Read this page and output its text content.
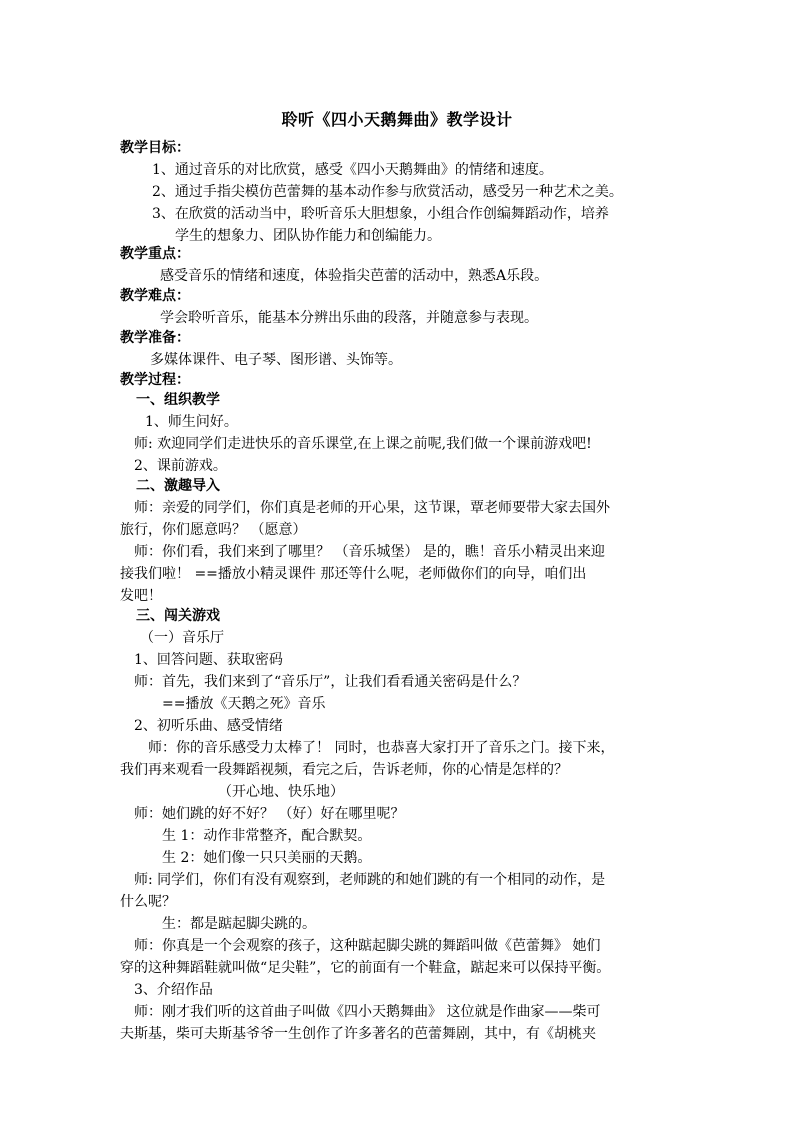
聆听《四小天鹅舞曲》教学设计
教学目标：
1、通过音乐的对比欣赏，感受《四小天鹅舞曲》的情绪和速度。
2、通过手指尖模仿芭蕾舞的基本动作参与欣赏活动，感受另一种艺术之美。
3、在欣赏的活动当中，聆听音乐大胆想象，小组合作创编舞蹈动作，培养
学生的想象力、团队协作能力和创编能力。
教学重点：
感受音乐的情绪和速度，体验指尖芭蕾的活动中，熟悉A乐段。
教学难点：
学会聆听音乐，能基本分辨出乐曲的段落，并随意参与表现。
教学准备：
多媒体课件、电子琴、图形谱、头饰等。
教学过程：
一、组织教学
1、师生问好。
师: 欢迎同学们走进快乐的音乐课堂,在上课之前呢,我们做一个课前游戏吧!
2、课前游戏。
二、激趣导入
师：亲爱的同学们，你们真是老师的开心果，这节课，覃老师要带大家去国外
旅行，你们愿意吗？ （愿意）
师：你们看，我们来到了哪里？ （音乐城堡） 是的，瞧！音乐小精灵出来迎
接我们啦！ ==播放小精灵课件 那还等什么呢，老师做你们的向导，咱们出
发吧！
三、闯关游戏
（一）音乐厅
1、回答问题、获取密码
师：首先，我们来到了“音乐厅”，让我们看看通关密码是什么？
==播放《天鹅之死》音乐
2、初听乐曲、感受情绪
师：你的音乐感受力太棒了！ 同时，也恭喜大家打开了音乐之门。接下来，
我们再来观看一段舞蹈视频，看完之后，告诉老师，你的心情是怎样的？
（开心地、快乐地）
师：她们跳的好不好？ （好）好在哪里呢？
生 1：动作非常整齐，配合默契。
生 2：她们像一只只美丽的天鹅。
师: 同学们，你们有没有观察到，老师跳的和她们跳的有一个相同的动作，是
什么呢？
生：都是踮起脚尖跳的。
师：你真是一个会观察的孩子，这种踮起脚尖跳的舞蹈叫做《芭蕾舞》 她们
穿的这种舞蹈鞋就叫做“足尖鞋”，它的前面有一个鞋盒，踮起来可以保持平衡。
3、介绍作品
师：刚才我们听的这首曲子叫做《四小天鹅舞曲》 这位就是作曲家——柴可
夫斯基，柴可夫斯基爷爷一生创作了许多著名的芭蕾舞剧，其中，有《胡桃夹
